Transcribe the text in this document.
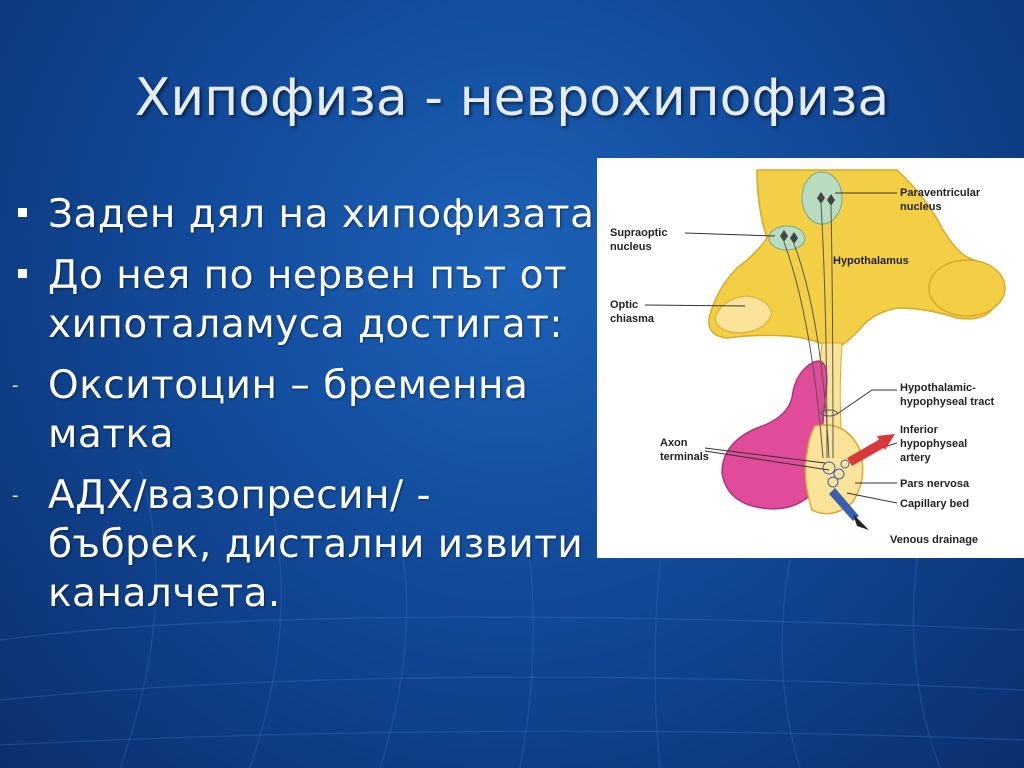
Хипофиза - неврохипофиза
Заден дял на хипофизата
До нея по нервен път от хипоталамуса достигат:
- Окситоцин – бременна матка
- АДХ/вазопресин/ - бъбрек, дистални извити каналчета.
Paraventricular
nucleus
Supraoptic
nucleus
Hypothalamus
Optic
chiasma
Hypothalamic-
hypophyseal tract
Inferior
hypophyseal
artery
Axon
terminals
Pars nervosa
Capillary bed
Venous drainage
